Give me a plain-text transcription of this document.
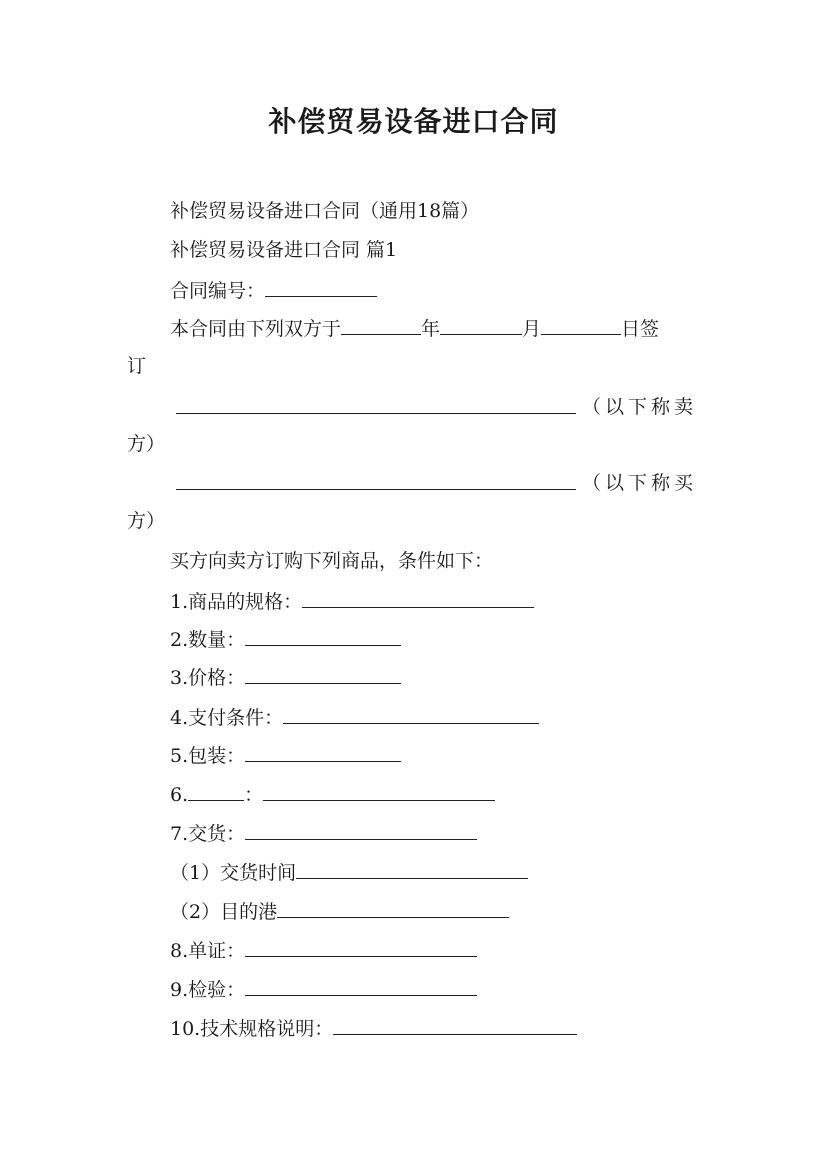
补偿贸易设备进口合同
补偿贸易设备进口合同（通用18篇）
补偿贸易设备进口合同 篇1
合同编号：
本合同由下列双方于	年	月	日签
订
（以下称卖
方）
（以下称买
方）
买方向卖方订购下列商品，条件如下：
1.商品的规格：
2.数量：
3.价格：
4.支付条件：
5.包装：
6.	：
7.交货：
（1）交货时间
（2）目的港
8.单证：
9.检验：
10.技术规格说明：
